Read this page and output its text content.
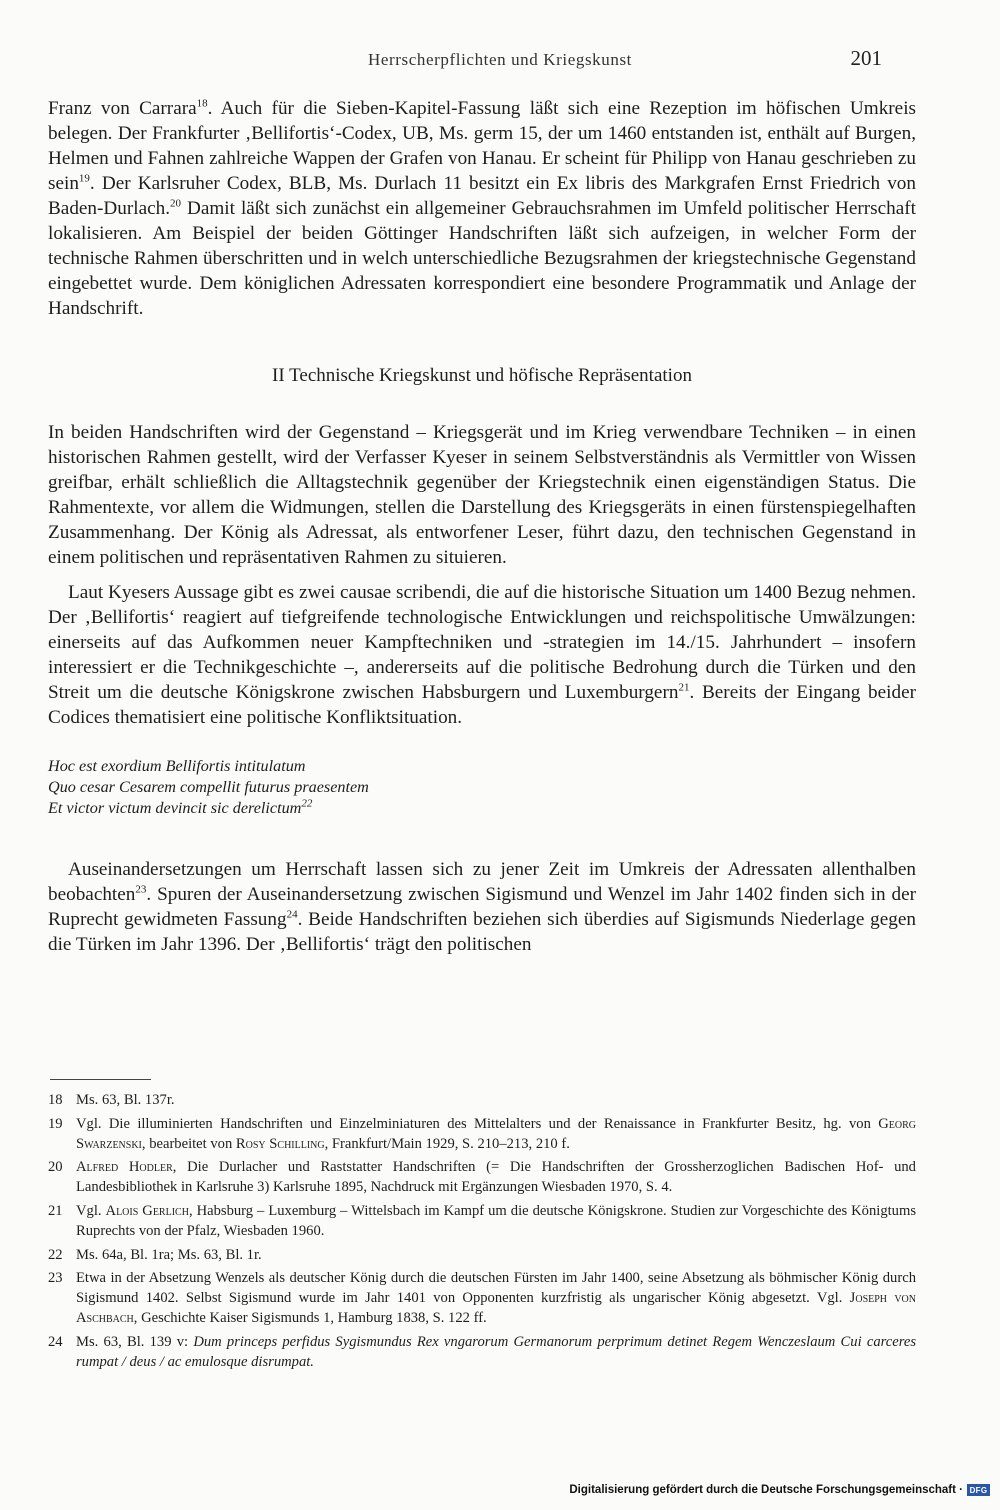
Herrscherpflichten und Kriegskunst	201

Franz von Carrara$^{18}$. Auch für die Sieben-Kapitel-Fassung läßt sich eine Rezeption im höfischen Umkreis belegen. Der Frankfurter ‚Bellifortis‘-Codex, UB, Ms. germ 15, der um 1460 entstanden ist, enthält auf Burgen, Helmen und Fahnen zahlreiche Wappen der Grafen von Hanau. Er scheint für Philipp von Hanau geschrieben zu sein$^{19}$. Der Karlsruher Codex, BLB, Ms. Durlach 11 besitzt ein Ex libris des Markgrafen Ernst Friedrich von Baden-Durlach.$^{20}$ Damit läßt sich zunächst ein allgemeiner Gebrauchsrahmen im Umfeld politischer Herrschaft lokalisieren. Am Beispiel der beiden Göttinger Handschriften läßt sich aufzeigen, in welcher Form der technische Rahmen überschritten und in welch unterschiedliche Bezugsrahmen der kriegstechnische Gegenstand eingebettet wurde. Dem königlichen Adressaten korrespondiert eine besondere Programmatik und Anlage der Handschrift.

II Technische Kriegskunst und höfische Repräsentation

In beiden Handschriften wird der Gegenstand – Kriegsgerät und im Krieg verwendbare Techniken – in einen historischen Rahmen gestellt, wird der Verfasser Kyeser in seinem Selbstverständnis als Vermittler von Wissen greifbar, erhält schließlich die Alltagstechnik gegenüber der Kriegstechnik einen eigenständigen Status. Die Rahmentexte, vor allem die Widmungen, stellen die Darstellung des Kriegsgeräts in einen fürstenspiegelhaften Zusammenhang. Der König als Adressat, als entworfener Leser, führt dazu, den technischen Gegenstand in einem politischen und repräsentativen Rahmen zu situieren.

Laut Kyesers Aussage gibt es zwei causae scribendi, die auf die historische Situation um 1400 Bezug nehmen. Der ‚Bellifortis‘ reagiert auf tiefgreifende technologische Entwicklungen und reichspolitische Umwälzungen: einerseits auf das Aufkommen neuer Kampftechniken und -strategien im 14./15. Jahrhundert – insofern interessiert er die Technikgeschichte –, andererseits auf die politische Bedrohung durch die Türken und den Streit um die deutsche Königskrone zwischen Habsburgern und Luxemburgern$^{21}$. Bereits der Eingang beider Codices thematisiert eine politische Konfliktsituation.

Hoc est exordium Bellifortis intitulatum
Quo cesar Cesarem compellit futurus praesentem
Et victor victum devincit sic derelictum$^{22}$

Auseinandersetzungen um Herrschaft lassen sich zu jener Zeit im Umkreis der Adressaten allenthalben beobachten$^{23}$. Spuren der Auseinandersetzung zwischen Sigismund und Wenzel im Jahr 1402 finden sich in der Ruprecht gewidmeten Fassung$^{24}$. Beide Handschriften beziehen sich überdies auf Sigismunds Niederlage gegen die Türken im Jahr 1396. Der ‚Bellifortis‘ trägt den politischen

18 Ms. 63, Bl. 137r.
19 Vgl. Die illuminierten Handschriften und Einzelminiaturen des Mittelalters und der Renaissance in Frankfurter Besitz, hg. von Georg Swarzenski, bearbeitet von Rosy Schilling, Frankfurt/Main 1929, S. 210–213, 210 f.
20 Alfred Hodler, Die Durlacher und Raststatter Handschriften (= Die Handschriften der Grossherzoglichen Badischen Hof- und Landesbibliothek in Karlsruhe 3) Karlsruhe 1895, Nachdruck mit Ergänzungen Wiesbaden 1970, S. 4.
21 Vgl. Alois Gerlich, Habsburg – Luxemburg – Wittelsbach im Kampf um die deutsche Königskrone. Studien zur Vorgeschichte des Königtums Ruprechts von der Pfalz, Wiesbaden 1960.
22 Ms. 64a, Bl. 1ra; Ms. 63, Bl. 1r.
23 Etwa in der Absetzung Wenzels als deutscher König durch die deutschen Fürsten im Jahr 1400, seine Absetzung als böhmischer König durch Sigismund 1402. Selbst Sigismund wurde im Jahr 1401 von Opponenten kurzfristig als ungarischer König abgesetzt. Vgl. Joseph von Aschbach, Geschichte Kaiser Sigismunds 1, Hamburg 1838, S. 122 ff.
24 Ms. 63, Bl. 139 v: Dum princeps perfidus Sygismundus Rex vngarorum Germanorum perprimum detinet Regem Wenczeslaum Cui carceres rumpat / deus / ac emulosque disrumpat.
Digitalisierung gefördert durch die Deutsche Forschungsgemeinschaft · DFG
